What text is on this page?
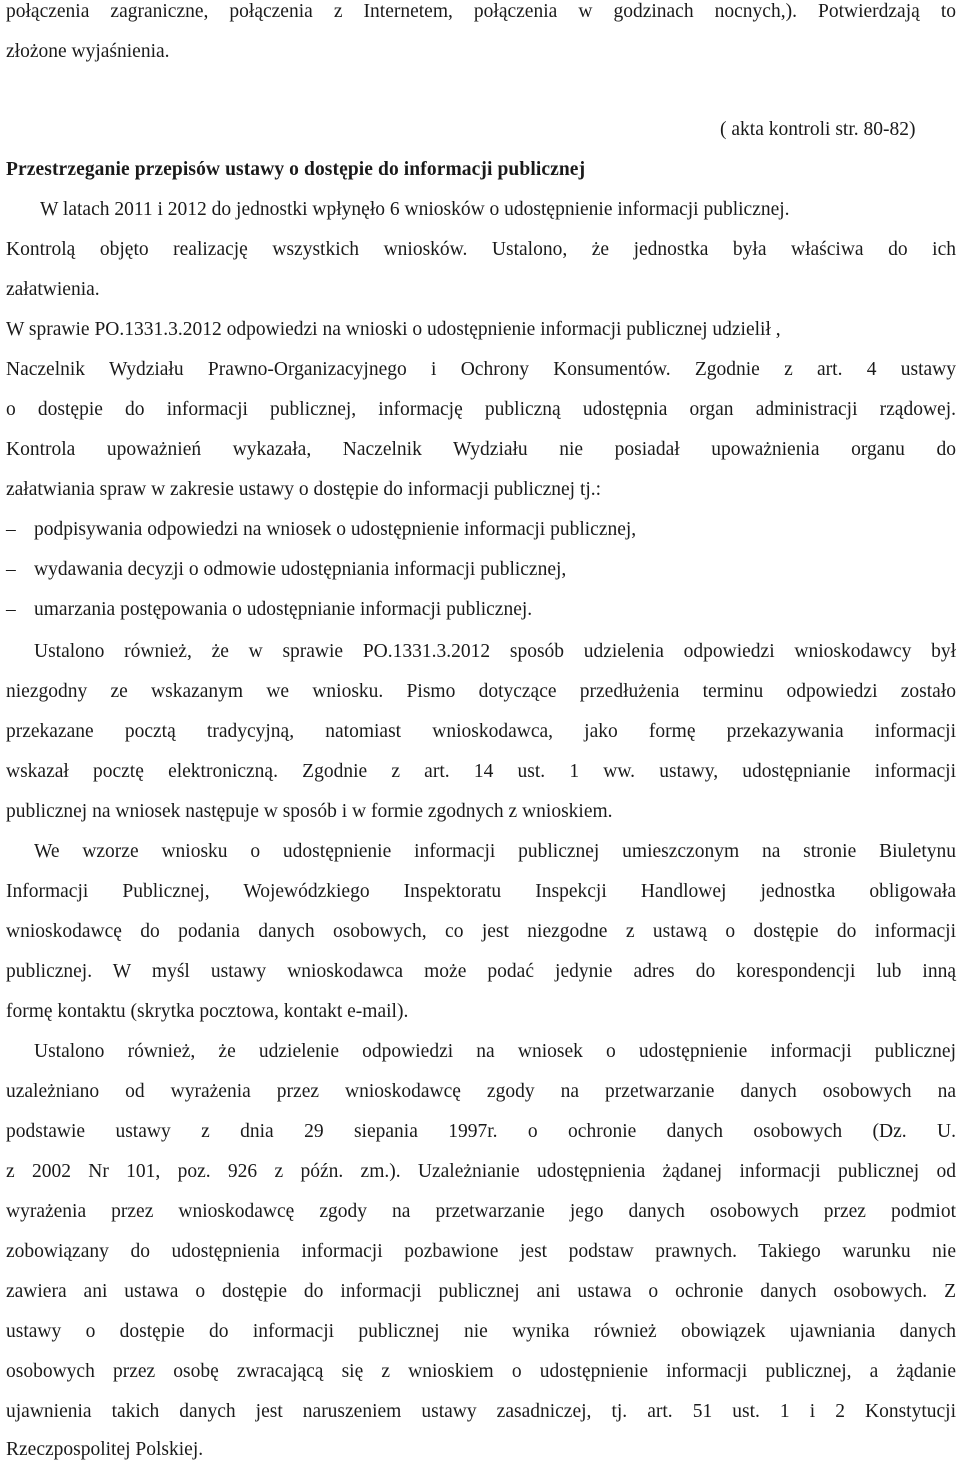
połączenia zagraniczne, połączenia z Internetem, połączenia w godzinach nocnych,). Potwierdzają to
złożone wyjaśnienia.
( akta kontroli str. 80-82)
Przestrzeganie przepisów ustawy o dostępie do informacji publicznej
W latach 2011 i 2012 do jednostki wpłynęło 6 wniosków o udostępnienie informacji publicznej.
Kontrolą objęto realizację wszystkich wniosków. Ustalono, że jednostka była właściwa do ich
załatwienia.
W sprawie PO.1331.3.2012 odpowiedzi na wnioski o udostępnienie informacji publicznej udzielił ,
Naczelnik Wydziału Prawno-Organizacyjnego i Ochrony Konsumentów. Zgodnie z art. 4 ustawy
o dostępie do informacji publicznej, informację publiczną udostępnia organ administracji rządowej.
Kontrola upoważnień wykazała, Naczelnik Wydziału nie posiadał upoważnienia organu do
załatwiania spraw w zakresie ustawy o dostępie do informacji publicznej tj.:
– podpisywania odpowiedzi na wniosek o udostępnienie informacji publicznej,
– wydawania decyzji o odmowie udostępniania informacji publicznej,
– umarzania postępowania o udostępnianie informacji publicznej.
Ustalono również, że w sprawie PO.1331.3.2012 sposób udzielenia odpowiedzi wnioskodawcy był
niezgodny ze wskazanym we wniosku. Pismo dotyczące przedłużenia terminu odpowiedzi zostało
przekazane pocztą tradycyjną, natomiast wnioskodawca, jako formę przekazywania informacji
wskazał pocztę elektroniczną. Zgodnie z art. 14 ust. 1 ww. ustawy, udostępnianie informacji
publicznej na wniosek następuje w sposób i w formie zgodnych z wnioskiem.
We wzorze wniosku o udostępnienie informacji publicznej umieszczonym na stronie Biuletynu
Informacji Publicznej, Wojewódzkiego Inspektoratu Inspekcji Handlowej jednostka obligowała
wnioskodawcę do podania danych osobowych, co jest niezgodne z ustawą o dostępie do informacji
publicznej. W myśl ustawy wnioskodawca może podać jedynie adres do korespondencji lub inną
formę kontaktu (skrytka pocztowa, kontakt e-mail).
Ustalono również, że udzielenie odpowiedzi na wniosek o udostępnienie informacji publicznej
uzależniano od wyrażenia przez wnioskodawcę zgody na przetwarzanie danych osobowych na
podstawie ustawy z dnia 29 siepania 1997r. o ochronie danych osobowych (Dz. U.
z 2002 Nr 101, poz. 926 z późn. zm.). Uzależnianie udostępnienia żądanej informacji publicznej od
wyrażenia przez wnioskodawcę zgody na przetwarzanie jego danych osobowych przez podmiot
zobowiązany do udostępnienia informacji pozbawione jest podstaw prawnych. Takiego warunku nie
zawiera ani ustawa o dostępie do informacji publicznej ani ustawa o ochronie danych osobowych. Z
ustawy o dostępie do informacji publicznej nie wynika również obowiązek ujawniania danych
osobowych przez osobę zwracającą się z wnioskiem o udostępnienie informacji publicznej, a żądanie
ujawnienia takich danych jest naruszeniem ustawy zasadniczej, tj. art. 51 ust. 1 i 2 Konstytucji
Rzeczpospolitej Polskiej.
